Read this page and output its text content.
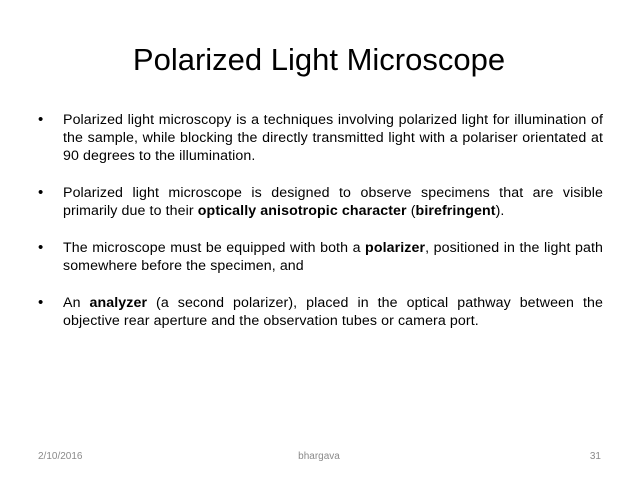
Polarized Light Microscope
• Polarized light microscopy is a techniques involving polarized light for illumination of the sample, while blocking the directly transmitted light with a polariser orientated at 90 degrees to the illumination.
• Polarized light microscope is designed to observe specimens that are visible primarily due to their optically anisotropic character (birefringent).
• The microscope must be equipped with both a polarizer, positioned in the light path somewhere before the specimen, and
• An analyzer (a second polarizer), placed in the optical pathway between the objective rear aperture and the observation tubes or camera port.
2/10/2016	bhargava	31
